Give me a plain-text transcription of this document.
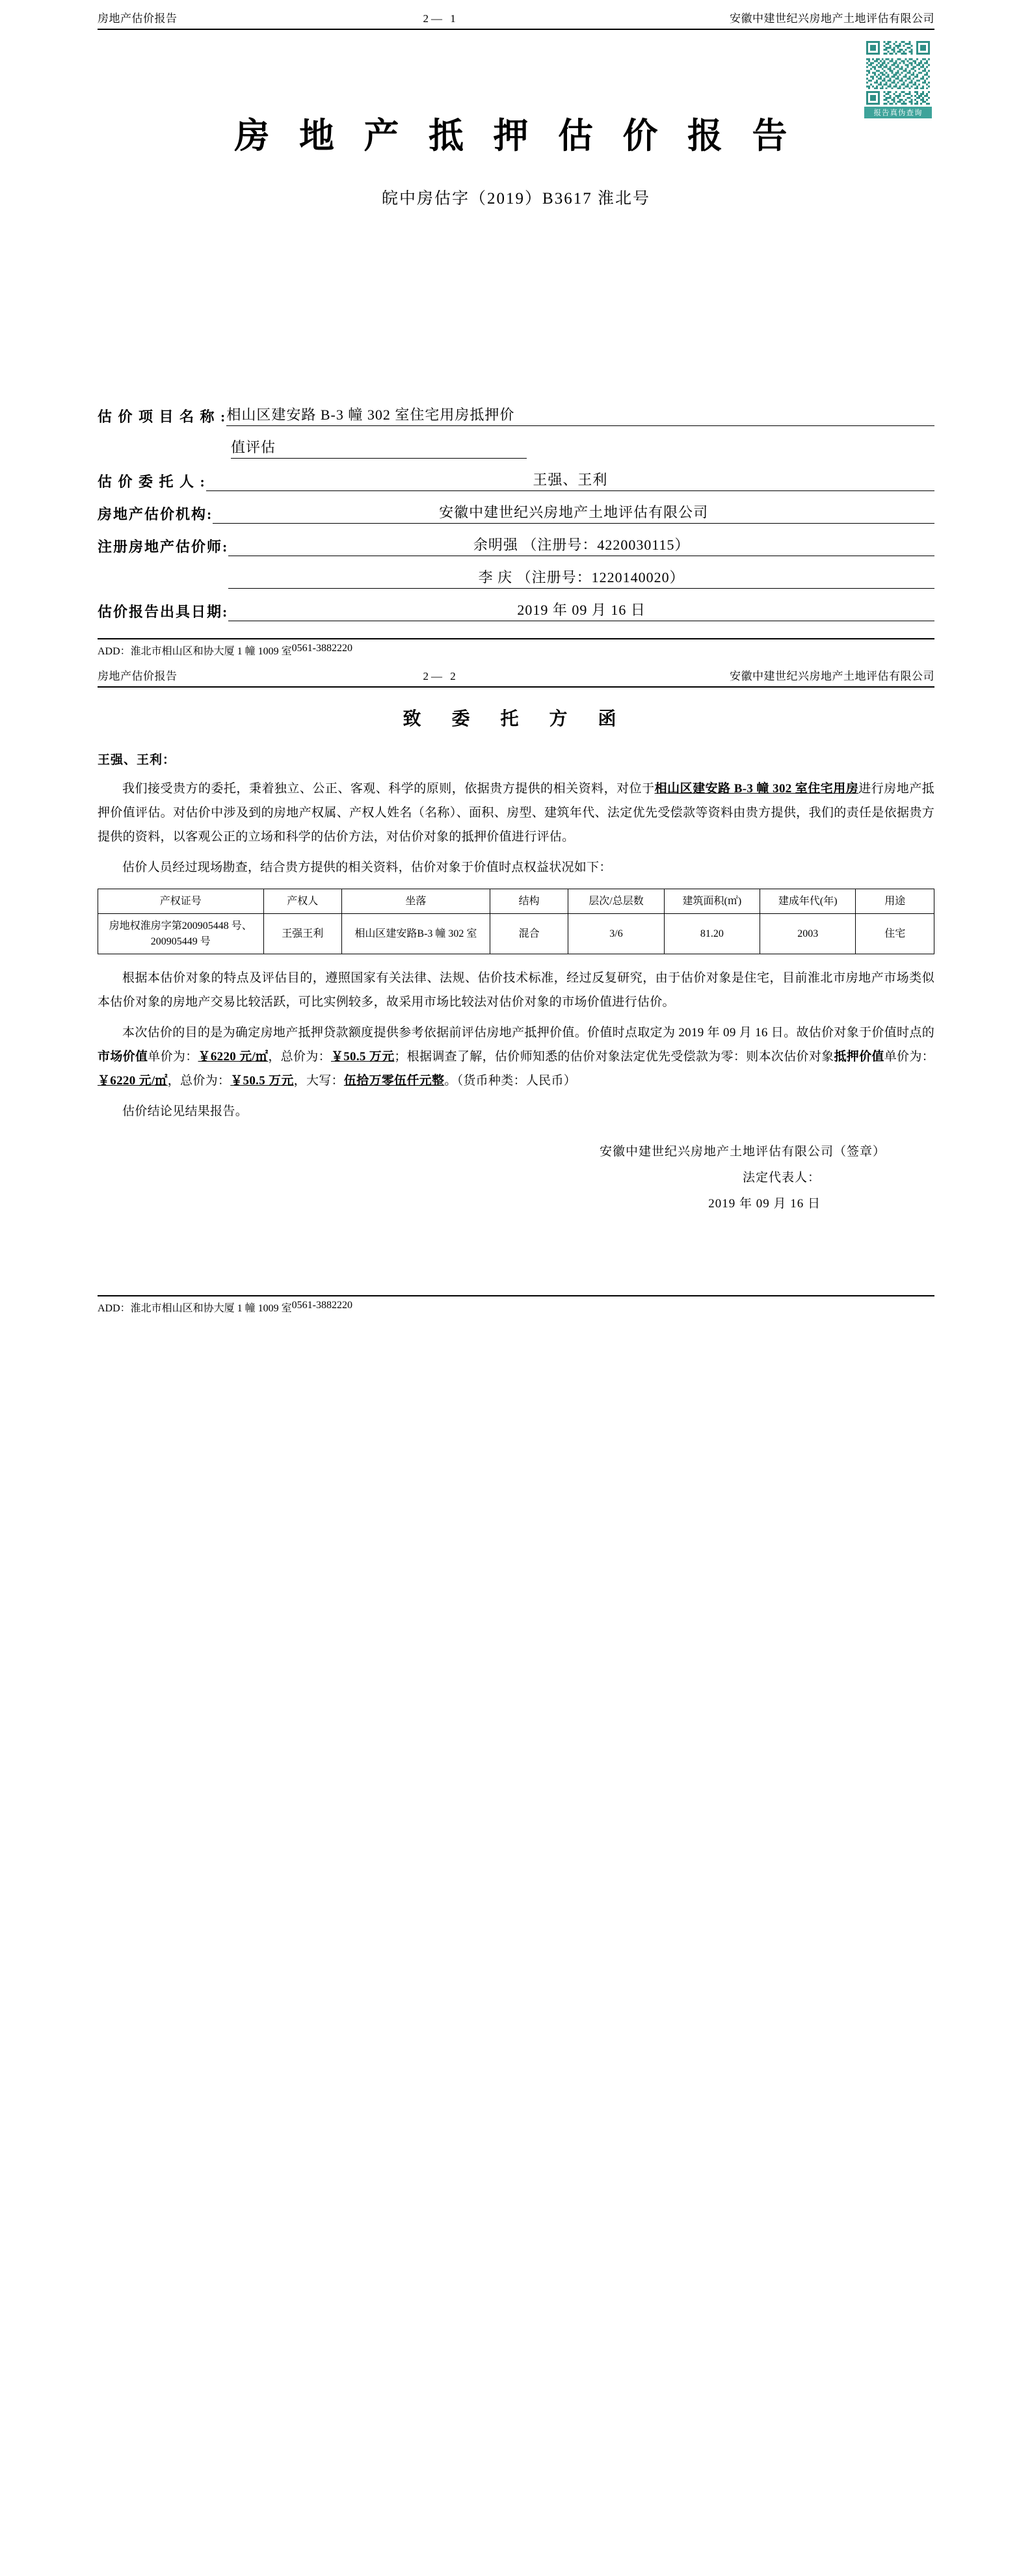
房地产估价报告	2— 1	安徽中建世纪兴房地产土地评估有限公司
报告真伪查询
房 地 产 抵 押 估 价 报 告
皖中房估字（2019）B3617 淮北号
估 价 项 目 名 称 : 相山区建安路 B-3 幢 302 室住宅用房抵押价
值评估
估 价 委 托 人 :	王强、王利
房地产估价机构:	安徽中建世纪兴房地产土地评估有限公司
注册房地产估价师:	余明强 （注册号：4220030115）
李 庆 （注册号：1220140020）
估价报告出具日期:	2019 年 09 月 16 日
ADD：淮北市相山区和协大厦 1 幢 1009 室 0561-3882220
房地产估价报告	2— 2	安徽中建世纪兴房地产土地评估有限公司
致 委 托 方 函
王强、王利：

我们接受贵方的委托，秉着独立、公正、客观、科学的原则，依据贵方提供的相关资料，对位于相山区建安路 B-3 幢 302 室住宅用房进行房地产抵押价值评估。对估价中涉及到的房地产权属、产权人姓名（名称）、面积、房型、建筑年代、法定优先受偿款等资料由贵方提供，我们的责任是依据贵方提供的资料，以客观公正的立场和科学的估价方法，对估价对象的抵押价值进行评估。

估价人员经过现场勘查，结合贵方提供的相关资料，估价对象于价值时点权益状况如下：

产权证号	产权人	坐落	结构	层次/总层数	建筑面积(㎡)	建成年代(年)	用途
房地权淮房字第200905448 号、200905449 号	王强王利	相山区建安路B-3 幢 302 室	混合	3/6	81.20	2003	住宅

根据本估价对象的特点及评估目的，遵照国家有关法律、法规、估价技术标准，经过反复研究，由于估价对象是住宅，目前淮北市房地产市场类似本估价对象的房地产交易比较活跃，可比实例较多，故采用市场比较法对估价对象的市场价值进行估价。

本次估价的目的是为确定房地产抵押贷款额度提供参考依据前评估房地产抵押价值。价值时点取定为 2019 年 09 月 16 日。故估价对象于价值时点的市场价值单价为：￥6220 元/㎡，总价为：￥50.5 万元；根据调查了解，估价师知悉的估价对象法定优先受偿款为零：则本次估价对象抵押价值单价为：￥6220 元/㎡，总价为：￥50.5 万元，大写：伍拾万零伍仟元整。（货币种类：人民币）

估价结论见结果报告。

安徽中建世纪兴房地产土地评估有限公司（签章）
法定代表人：
2019 年 09 月 16 日
ADD：淮北市相山区和协大厦 1 幢 1009 室 0561-3882220
